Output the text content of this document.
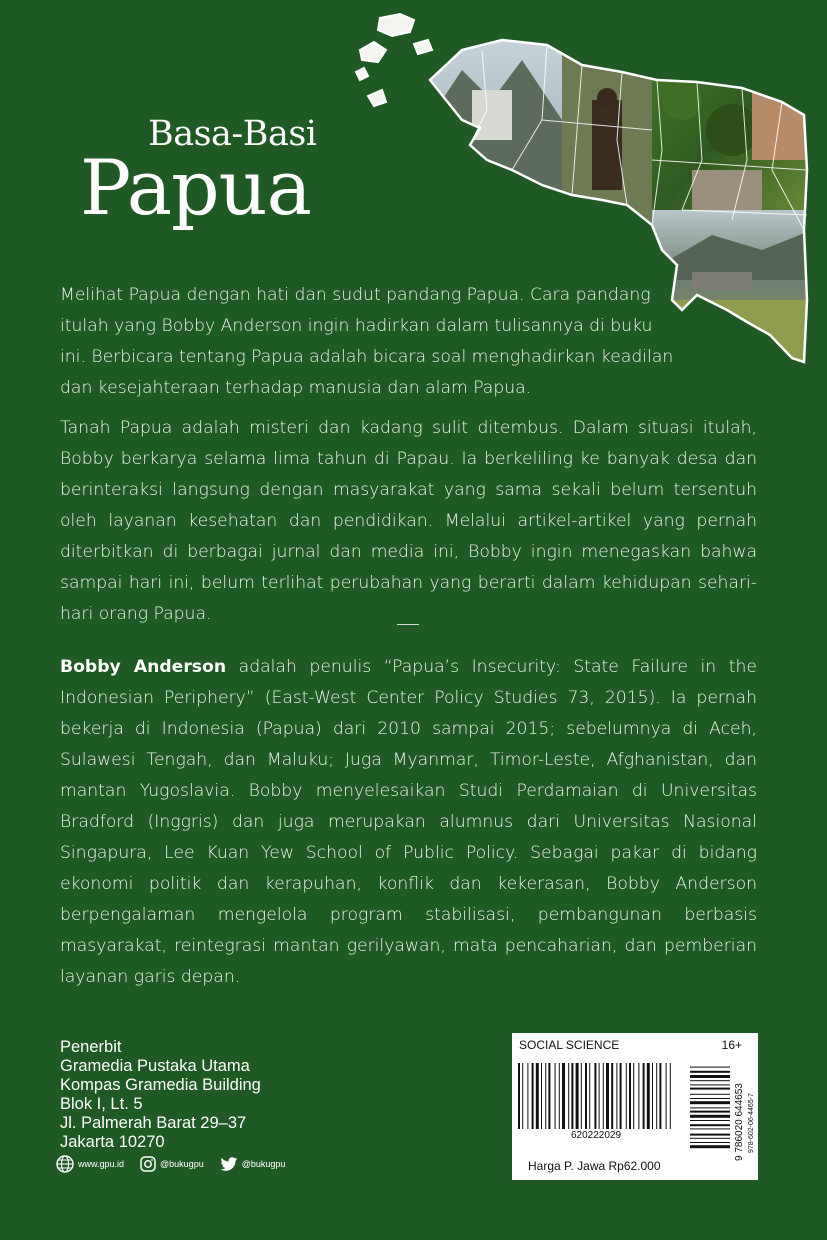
Basa-Basi
Papua
Melihat Papua dengan hati dan sudut pandang Papua. Cara pandang itulah yang Bobby Anderson ingin hadirkan dalam tulisannya di buku ini. Berbicara tentang Papua adalah bicara soal menghadirkan keadilan dan kesejahteraan terhadap manusia dan alam Papua.
Tanah Papua adalah misteri dan kadang sulit ditembus. Dalam situasi itulah, Bobby berkarya selama lima tahun di Papau. Ia berkeliling ke banyak desa dan berinteraksi langsung dengan masyarakat yang sama sekali belum tersentuh oleh layanan kesehatan dan pendidikan. Melalui artikel-artikel yang pernah diterbitkan di berbagai jurnal dan media ini, Bobby ingin menegaskan bahwa sampai hari ini, belum terlihat perubahan yang berarti dalam kehidupan sehari-hari orang Papua.
Bobby Anderson adalah penulis “Papua’s Insecurity: State Failure in the Indonesian Periphery” (East-West Center Policy Studies 73, 2015). Ia pernah bekerja di Indonesia (Papua) dari 2010 sampai 2015; sebelumnya di Aceh, Sulawesi Tengah, dan Maluku; Juga Myanmar, Timor-Leste, Afghanistan, dan mantan Yugoslavia. Bobby menyelesaikan Studi Perdamaian di Universitas Bradford (Inggris) dan juga merupakan alumnus dari Universitas Nasional Singapura, Lee Kuan Yew School of Public Policy. Sebagai pakar di bidang ekonomi politik dan kerapuhan, konflik dan kekerasan, Bobby Anderson berpengalaman mengelola program stabilisasi, pembangunan berbasis masyarakat, reintegrasi mantan gerilyawan, mata pencaharian, dan pemberian layanan garis depan.
Penerbit
Gramedia Pustaka Utama
Kompas Gramedia Building
Blok I, Lt. 5
Jl. Palmerah Barat 29–37
Jakarta 10270
www.gpu.id	@bukugpu	@bukugpu
SOCIAL SCIENCE	16+
620222029
Harga P. Jawa Rp62.000
9 786020 644653 978-602-06-4465-7
